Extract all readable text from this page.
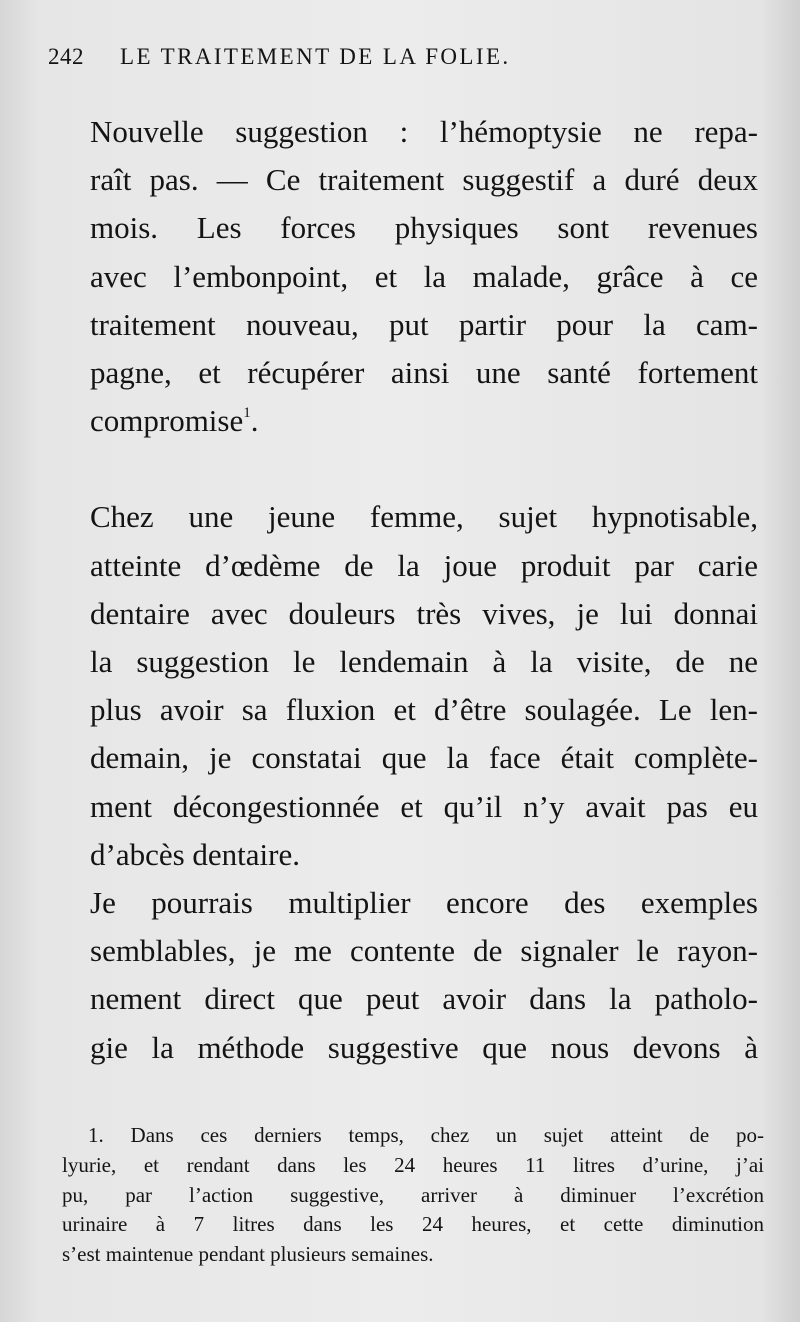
242 LE TRAITEMENT DE LA FOLIE.

Nouvelle suggestion : l’hémoptysie ne repa-
raît pas. — Ce traitement suggestif a duré deux
mois. Les forces physiques sont revenues
avec l’embonpoint, et la malade, grâce à ce
traitement nouveau, put partir pour la cam-
pagne, et récupérer ainsi une santé fortement
compromise$^1$.

Chez une jeune femme, sujet hypnotisable,
atteinte d’œdème de la joue produit par carie
dentaire avec douleurs très vives, je lui donnai
la suggestion le lendemain à la visite, de ne
plus avoir sa fluxion et d’être soulagée. Le len-
demain, je constatai que la face était complète-
ment décongestionnée et qu’il n’y avait pas eu
d’abcès dentaire.

Je pourrais multiplier encore des exemples
semblables, je me contente de signaler le rayon-
nement direct que peut avoir dans la patholo-
gie la méthode suggestive que nous devons à

1. Dans ces derniers temps, chez un sujet atteint de po-
lyurie, et rendant dans les 24 heures 11 litres d’urine, j’ai
pu, par l’action suggestive, arriver à diminuer l’excrétion
urinaire à 7 litres dans les 24 heures, et cette diminution
s’est maintenue pendant plusieurs semaines.
